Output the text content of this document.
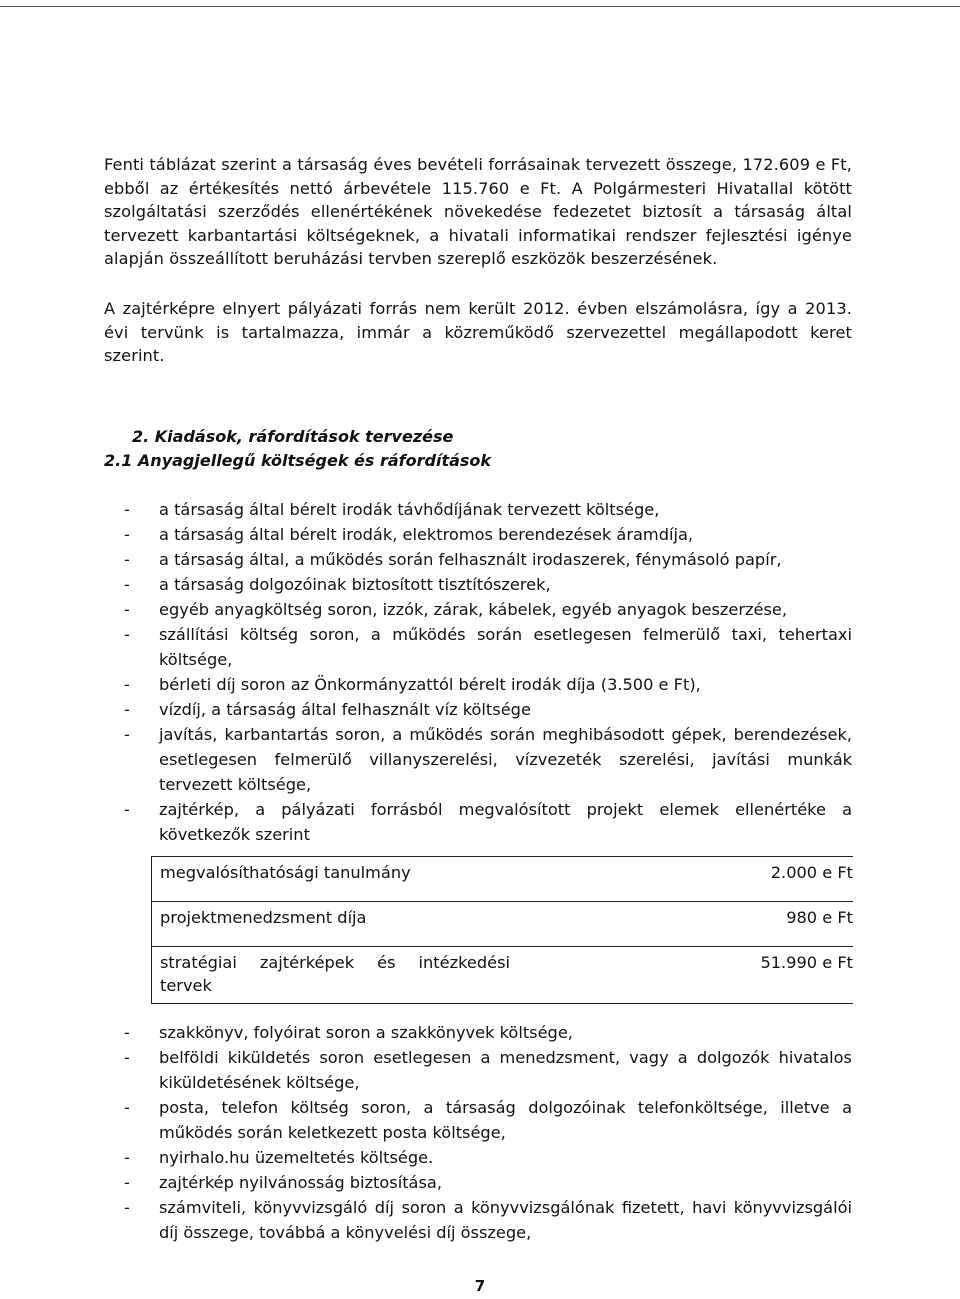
Fenti táblázat szerint a társaság éves bevételi forrásainak tervezett összege, 172.609 e Ft, ebből az értékesítés nettó árbevétele 115.760 e Ft. A Polgármesteri Hivatallal kötött szolgáltatási szerződés ellenértékének növekedése fedezetet biztosít a társaság által tervezett karbantartási költségeknek, a hivatali informatikai rendszer fejlesztési igénye alapján összeállított beruházási tervben szereplő eszközök beszerzésének.

A zajtérképre elnyert pályázati forrás nem került 2012. évben elszámolásra, így a 2013. évi tervünk is tartalmazza, immár a közreműködő szervezettel megállapodott keret szerint.

2. Kiadások, ráfordítások tervezése
2.1 Anyagjellegű költségek és ráfordítások
- a társaság által bérelt irodák távhődíjának tervezett költsége,
- a társaság által bérelt irodák, elektromos berendezések áramdíja,
- a társaság által, a működés során felhasznált irodaszerek, fénymásoló papír,
- a társaság dolgozóinak biztosított tisztítószerek,
- egyéb anyagköltség soron, izzók, zárak, kábelek, egyéb anyagok beszerzése,
- szállítási költség soron, a működés során esetlegesen felmerülő taxi, tehertaxi költsége,
- bérleti díj soron az Önkormányzattól bérelt irodák díja (3.500 e Ft),
- vízdíj, a társaság által felhasznált víz költsége
- javítás, karbantartás soron, a működés során meghibásodott gépek, berendezések, esetlegesen felmerülő villanyszerelési, vízvezeték szerelési, javítási munkák tervezett költsége,
- zajtérkép, a pályázati forrásból megvalósított projekt elemek ellenértéke a következők szerint
megvalósíthatósági tanulmány	2.000 e Ft
projektmenedzsment díja	980 e Ft
stratégiai zajtérképek és intézkedési tervek	51.990 e Ft
- szakkönyv, folyóirat soron a szakkönyvek költsége,
- belföldi kiküldetés soron esetlegesen a menedzsment, vagy a dolgozók hivatalos kiküldetésének költsége,
- posta, telefon költség soron, a társaság dolgozóinak telefonköltsége, illetve a működés során keletkezett posta költsége,
- nyirhalo.hu üzemeltetés költsége.
- zajtérkép nyilvánosság biztosítása,
- számviteli, könyvvizsgáló díj soron a könyvvizsgálónak fizetett, havi könyvvizsgálói díj összege, továbbá a könyvelési díj összege,
7
